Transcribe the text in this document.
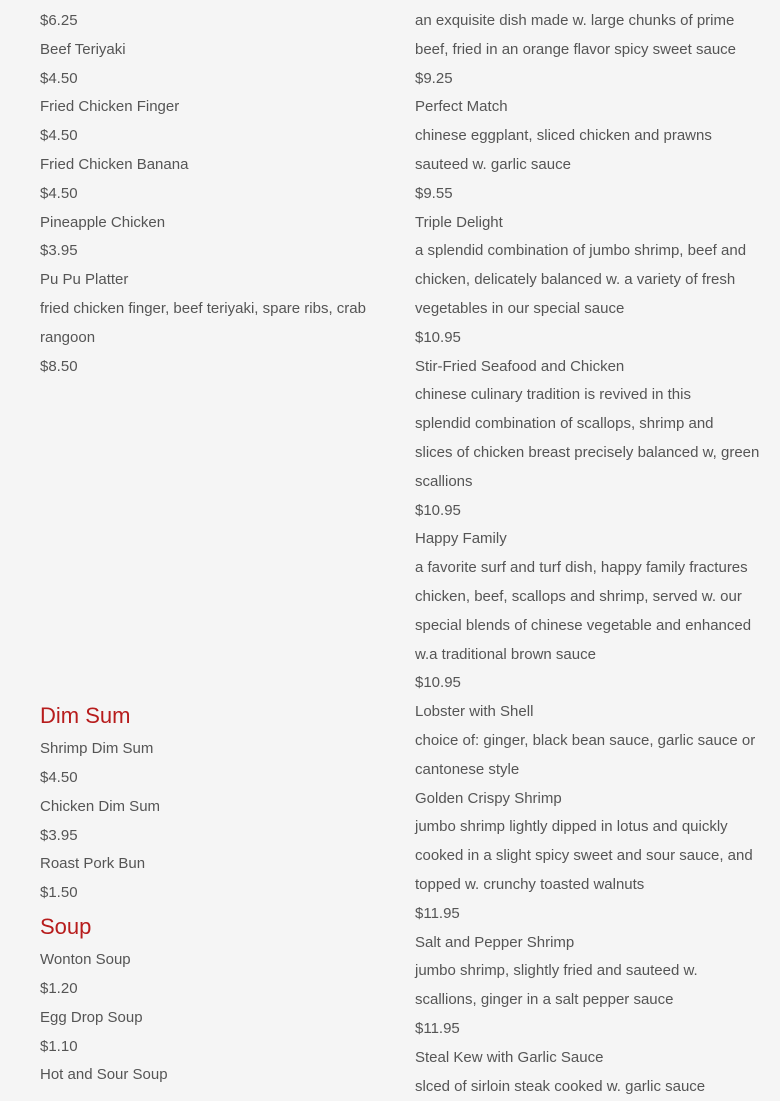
$6.25
Beef Teriyaki
$4.50
Fried Chicken Finger
$4.50
Fried Chicken Banana
$4.50
Pineapple Chicken
$3.95
Pu Pu Platter
fried chicken finger, beef teriyaki, spare ribs, crab
rangoon
$8.50
Dim Sum
Shrimp Dim Sum
$4.50
Chicken Dim Sum
$3.95
Roast Pork Bun
$1.50
Soup
Wonton Soup
$1.20
Egg Drop Soup
$1.10
Hot and Sour Soup
an exquisite dish made w. large chunks of prime
beef, fried in an orange flavor spicy sweet sauce
$9.25
Perfect Match
chinese eggplant, sliced chicken and prawns
sauteed w. garlic sauce
$9.55
Triple Delight
a splendid combination of jumbo shrimp, beef and
chicken, delicately balanced w. a variety of fresh
vegetables in our special sauce
$10.95
Stir-Fried Seafood and Chicken
chinese culinary tradition is revived in this
splendid combination of scallops, shrimp and
slices of chicken breast precisely balanced w, green
scallions
$10.95
Happy Family
a favorite surf and turf dish, happy family fractures
chicken, beef, scallops and shrimp, served w. our
special blends of chinese vegetable and enhanced
w.a traditional brown sauce
$10.95
Lobster with Shell
choice of: ginger, black bean sauce, garlic sauce or
cantonese style
Golden Crispy Shrimp
jumbo shrimp lightly dipped in lotus and quickly
cooked in a slight spicy sweet and sour sauce, and
topped w. crunchy toasted walnuts
$11.95
Salt and Pepper Shrimp
jumbo shrimp, slightly fried and sauteed w.
scallions, ginger in a salt pepper sauce
$11.95
Steal Kew with Garlic Sauce
slced of sirloin steak cooked w. garlic sauce
